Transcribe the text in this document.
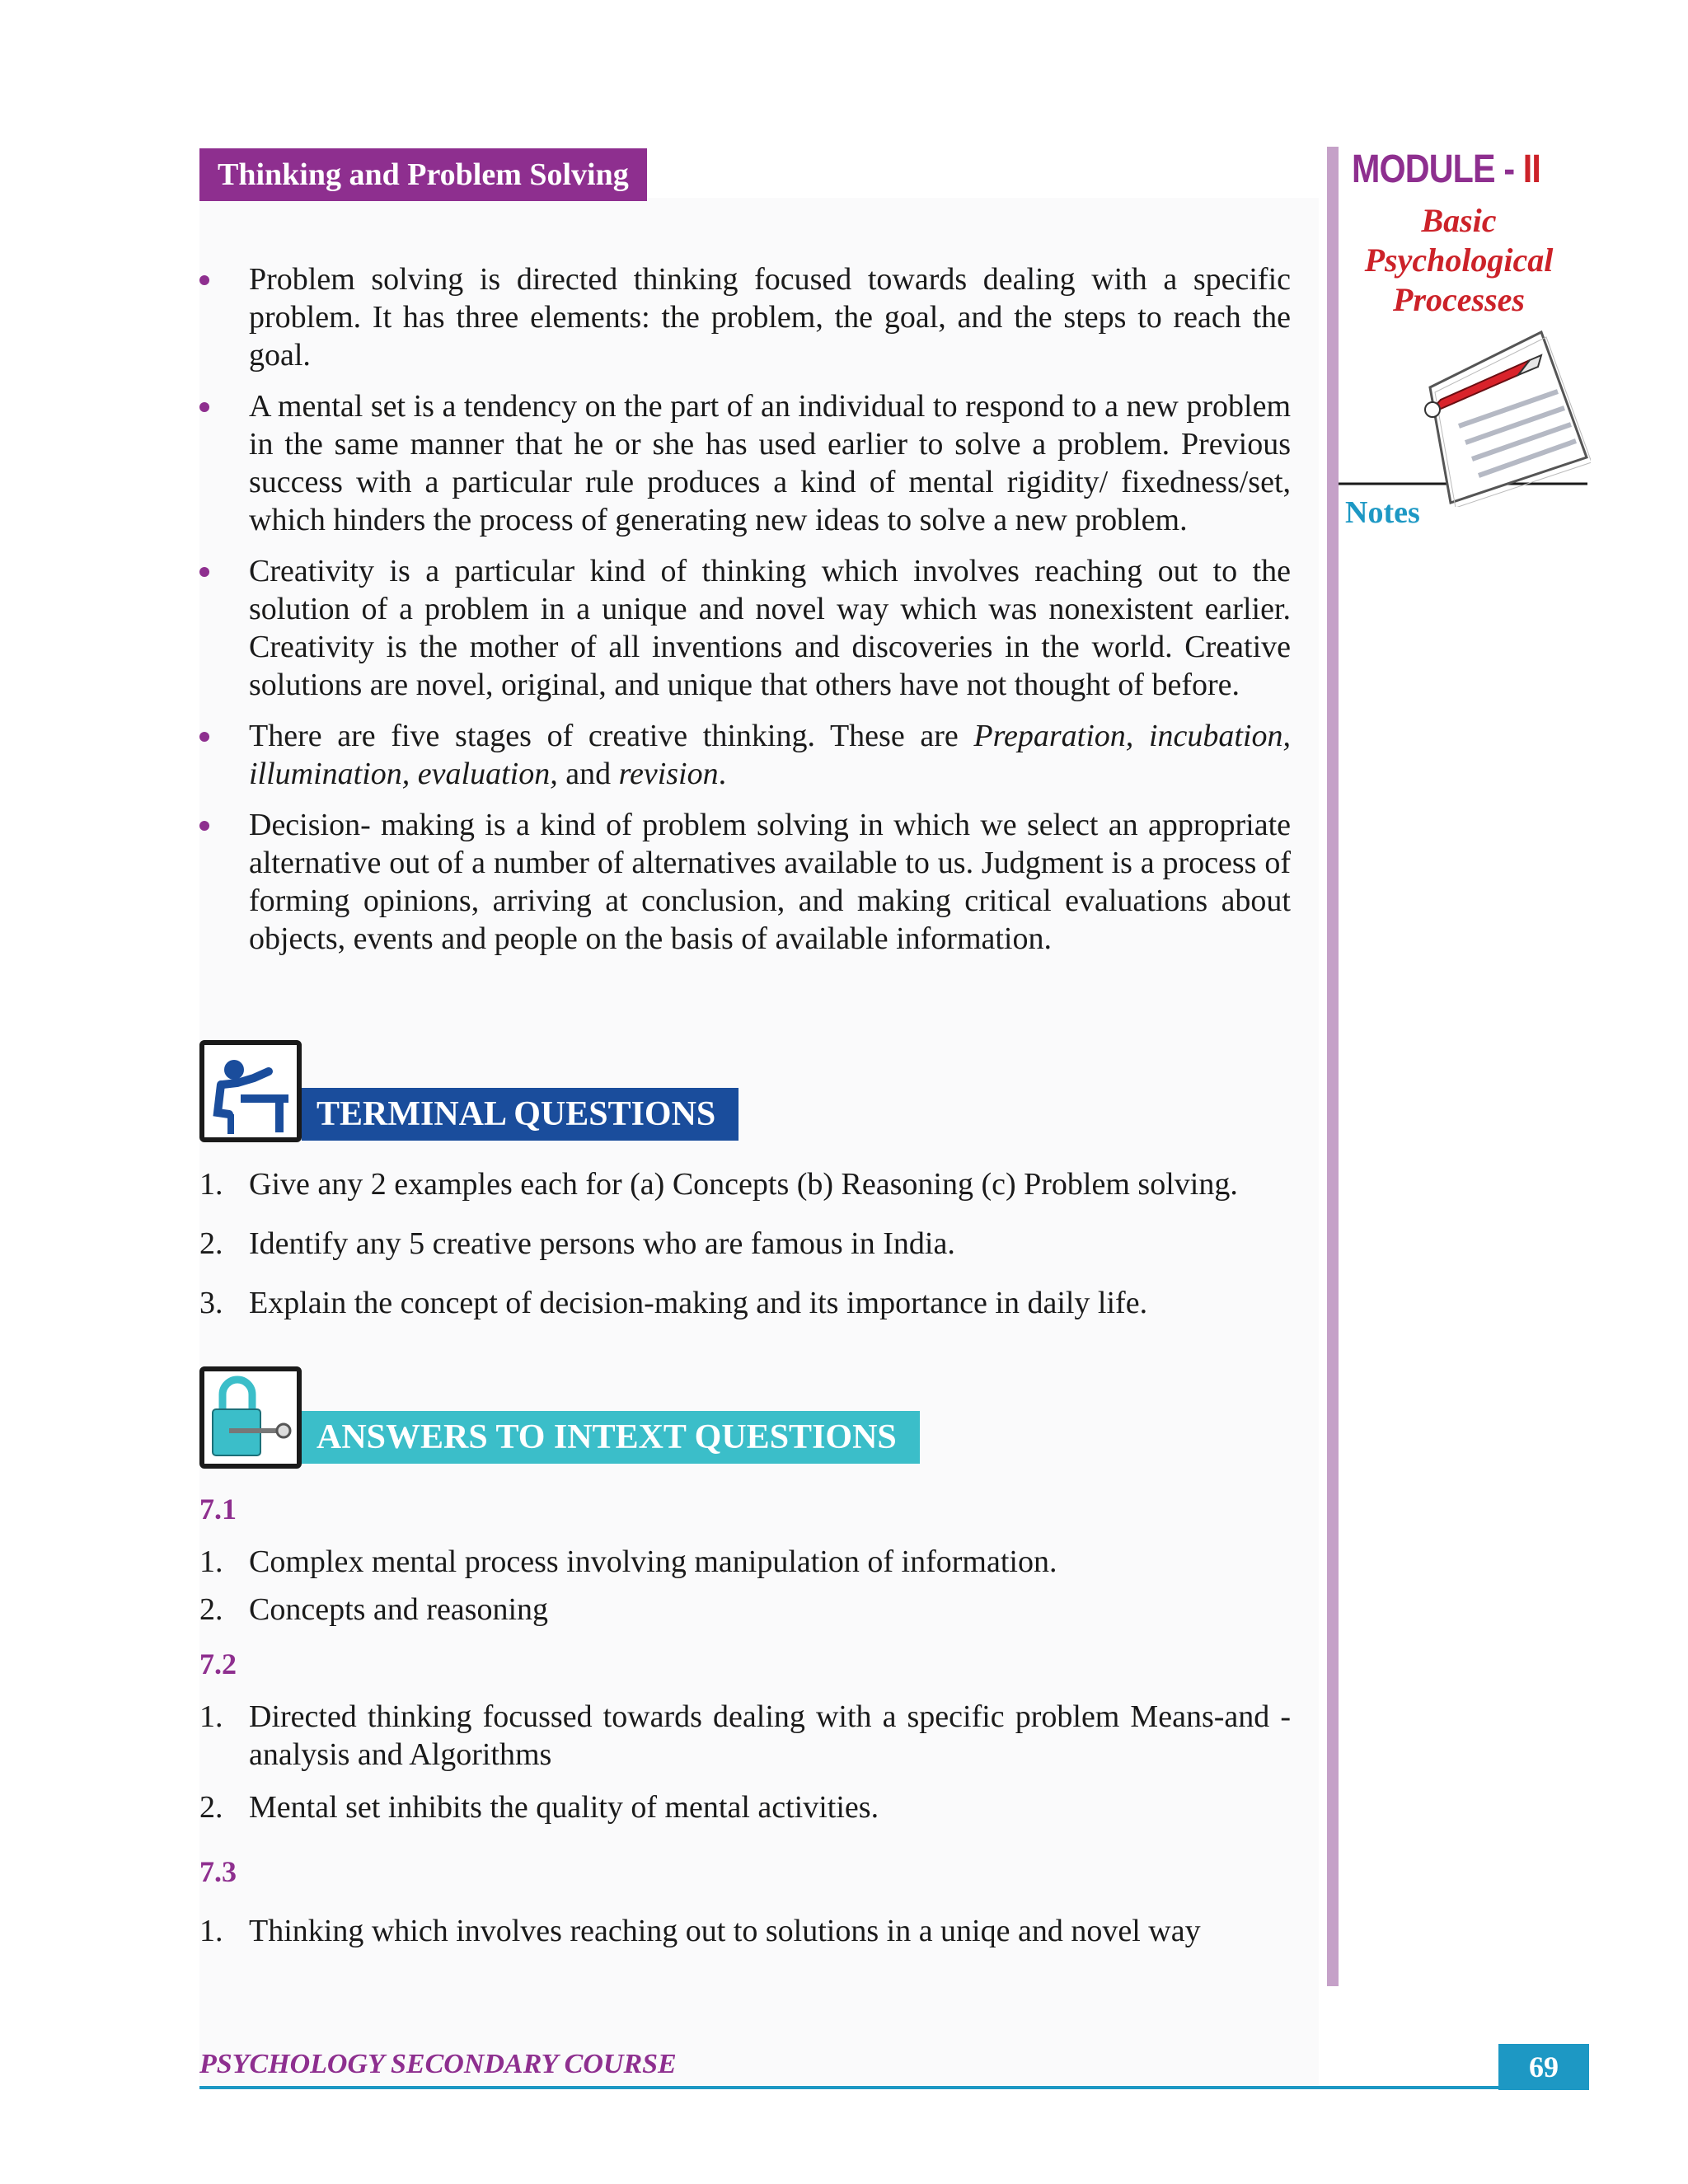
Thinking and Problem Solving	MODULE - II
Basic Psychological Processes
Notes
Problem solving is directed thinking focused towards dealing with a specific problem. It has three elements: the problem, the goal, and the steps to reach the goal.
A mental set is a tendency on the part of an individual to respond to a new problem in the same manner that he or she has used earlier to solve a problem. Previous success with a particular rule produces a kind of mental rigidity/ fixedness/set, which hinders the process of generating new ideas to solve a new problem.
Creativity is a particular kind of thinking which involves reaching out to the solution of a problem in a unique and novel way which was nonexistent earlier. Creativity is the mother of all inventions and discoveries in the world. Creative solutions are novel, original, and unique that others have not thought of before.
There are five stages of creative thinking. These are Preparation, incubation, illumination, evaluation, and revision.
Decision- making is a kind of problem solving in which we select an appropriate alternative out of a number of alternatives available to us. Judgment is a process of forming opinions, arriving at conclusion, and making critical evaluations about objects, events and people on the basis of available information.
TERMINAL QUESTIONS
1. Give any 2 examples each for (a) Concepts (b) Reasoning (c) Problem solving.
2. Identify any 5 creative persons who are famous in India.
3. Explain the concept of decision-making and its importance in daily life.
ANSWERS TO INTEXT QUESTIONS
7.1
1. Complex mental process involving manipulation of information.
2. Concepts and reasoning
7.2
1. Directed thinking focussed towards dealing with a specific problem Means-and - analysis and Algorithms
2. Mental set inhibits the quality of mental activities.
7.3
1. Thinking which involves reaching out to solutions in a uniqe and novel way
PSYCHOLOGY SECONDARY COURSE	69
